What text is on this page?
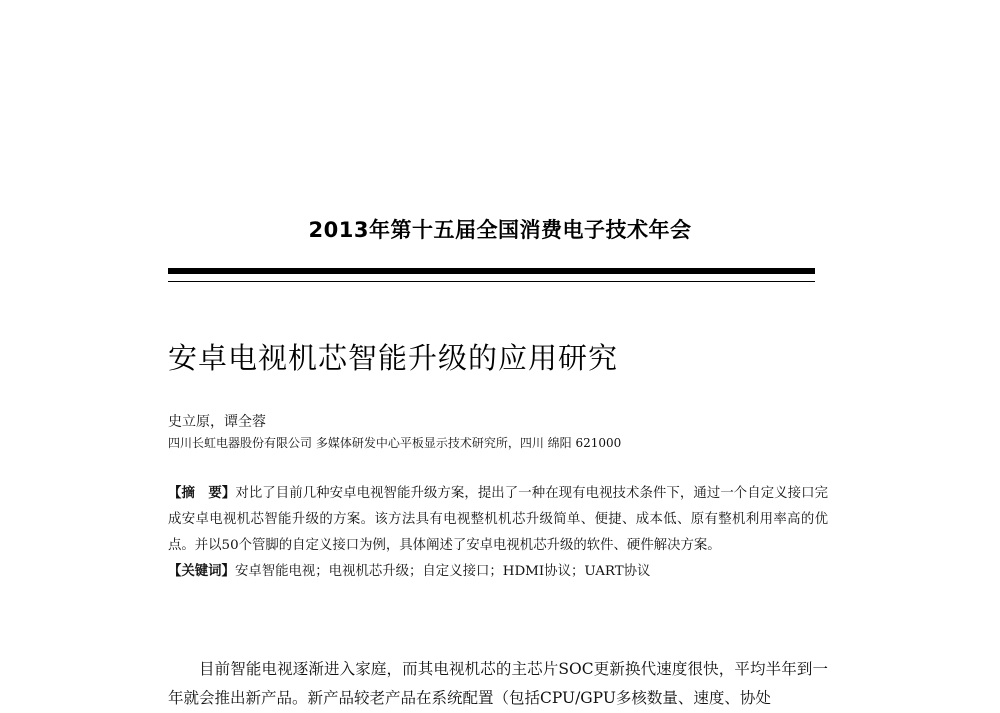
2013年第十五届全国消费电子技术年会
安卓电视机芯智能升级的应用研究
史立原，谭全蓉
四川长虹电器股份有限公司 多媒体研发中心平板显示技术研究所，四川 绵阳 621000
【摘　要】对比了目前几种安卓电视智能升级方案，提出了一种在现有电视技术条件下，通过一个自定义接口完成安卓电视机芯智能升级的方案。该方法具有电视整机机芯升级简单、便捷、成本低、原有整机利用率高的优点。并以50个管脚的自定义接口为例，具体阐述了安卓电视机芯升级的软件、硬件解决方案。
【关键词】安卓智能电视；电视机芯升级；自定义接口；HDMI协议；UART协议
目前智能电视逐渐进入家庭，而其电视机芯的主芯片SOC更新换代速度很快，平均半年到一年就会推出新产品。新产品较老产品在系统配置（包括CPU/GPU多核数量、速度、协处
